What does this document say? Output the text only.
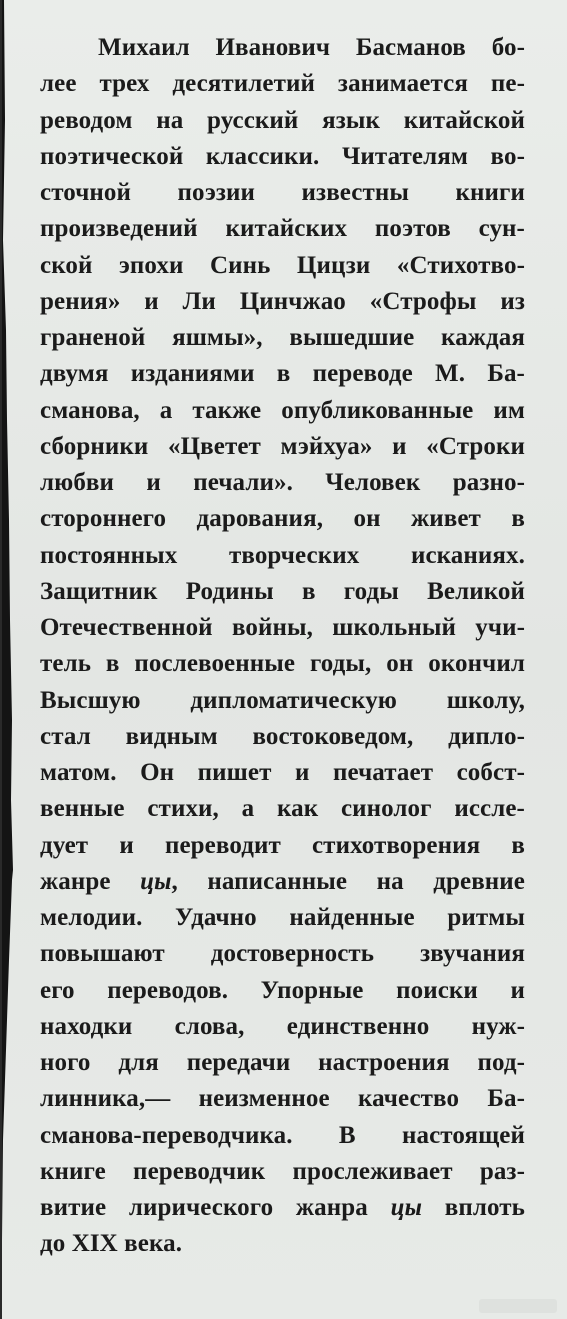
Михаил Иванович Басманов бо-
лее трех десятилетий занимается пе-
реводом на русский язык китайской
поэтической классики. Читателям во-
сточной поэзии известны книги
произведений китайских поэтов сун-
ской эпохи Синь Цицзи «Стихотво-
рения» и Ли Цинчжао «Строфы из
граненой яшмы», вышедшие каждая
двумя изданиями в переводе М. Ба-
сманова, а также опубликованные им
сборники «Цветет мэйхуа» и «Строки
любви и печали». Человек разно-
стороннего дарования, он живет в
постоянных творческих исканиях.
Защитник Родины в годы Великой
Отечественной войны, школьный учи-
тель в послевоенные годы, он окончил
Высшую дипломатическую школу,
стал видным востоковедом, дипло-
матом. Он пишет и печатает собст-
венные стихи, а как синолог иссле-
дует и переводит стихотворения в
жанре цы, написанные на древние
мелодии. Удачно найденные ритмы
повышают достоверность звучания
его переводов. Упорные поиски и
находки слова, единственно нуж-
ного для передачи настроения под-
линника,— неизменное качество Ба-
сманова-переводчика. В настоящей
книге переводчик прослеживает раз-
витие лирического жанра цы вплоть
до XIX века.
